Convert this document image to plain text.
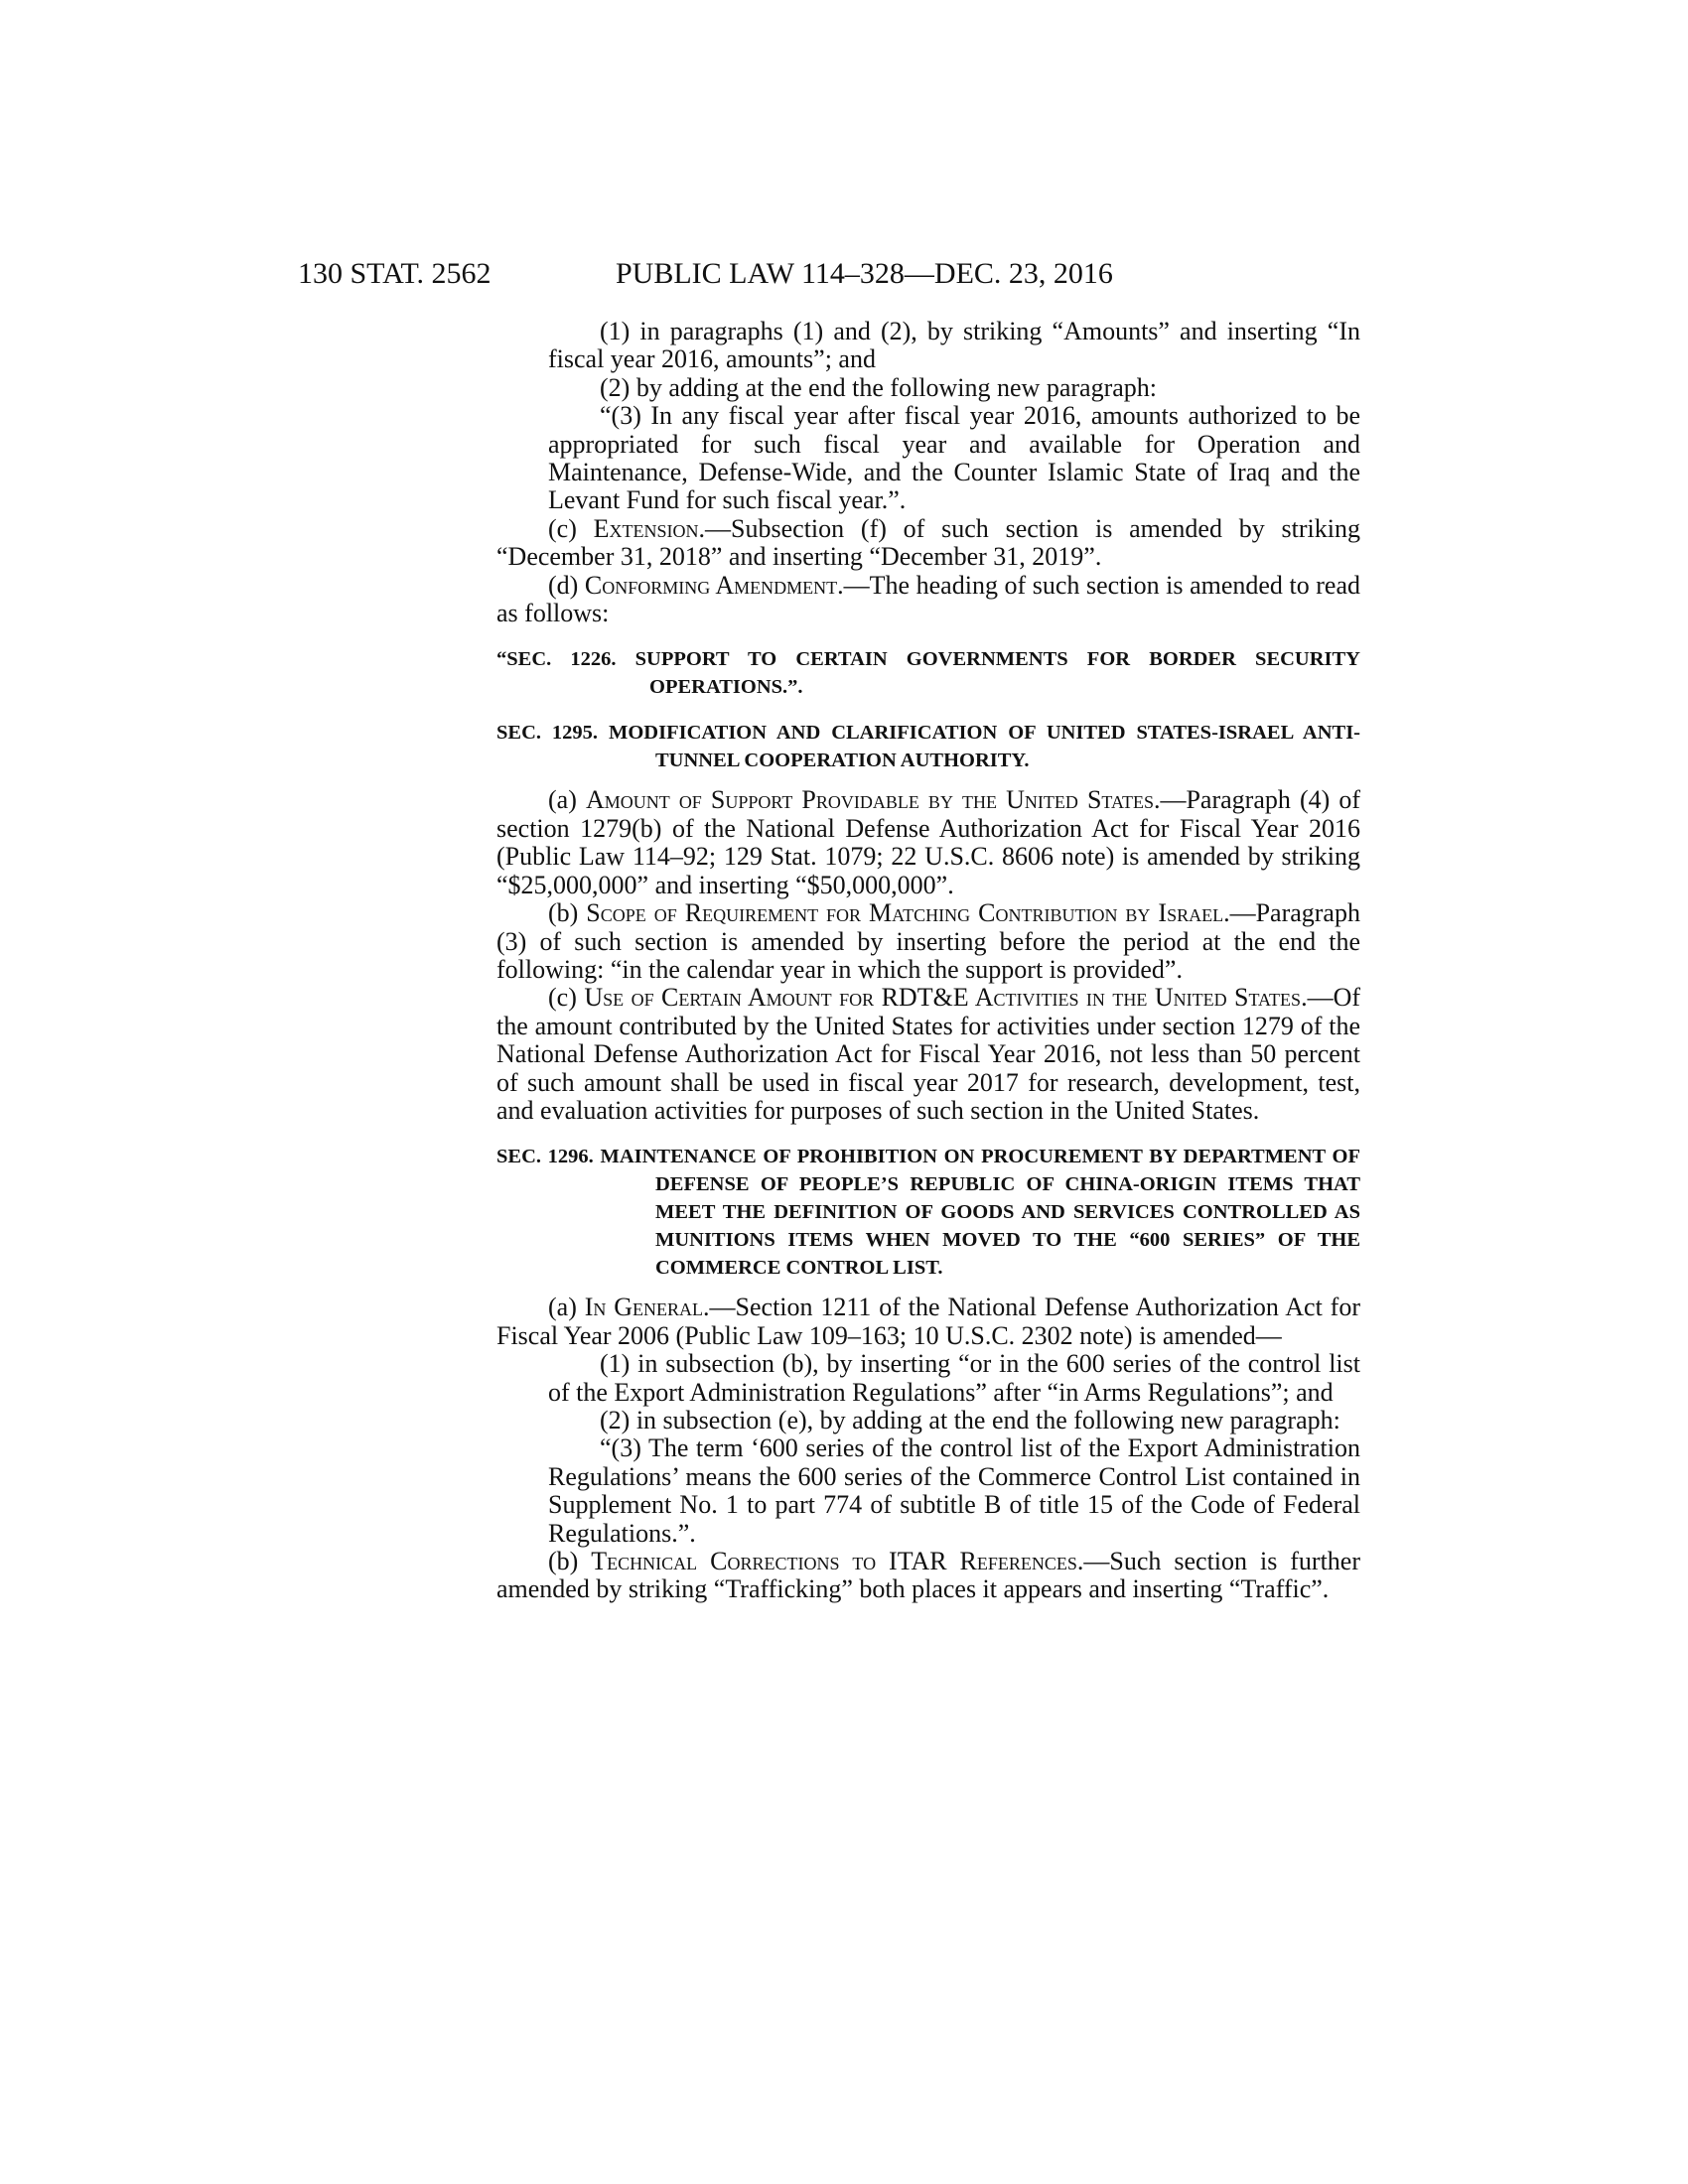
130 STAT. 2562	PUBLIC LAW 114–328—DEC. 23, 2016

(1) in paragraphs (1) and (2), by striking “Amounts” and inserting “In fiscal year 2016, amounts”; and

(2) by adding at the end the following new paragraph:

“(3) In any fiscal year after fiscal year 2016, amounts authorized to be appropriated for such fiscal year and available for Operation and Maintenance, Defense-Wide, and the Counter Islamic State of Iraq and the Levant Fund for such fiscal year.”.

(c) Extension.—Subsection (f) of such section is amended by striking “December 31, 2018” and inserting “December 31, 2019”.

(d) Conforming Amendment.—The heading of such section is amended to read as follows:

“SEC. 1226. SUPPORT TO CERTAIN GOVERNMENTS FOR BORDER SECURITY OPERATIONS.”.
SEC. 1295. MODIFICATION AND CLARIFICATION OF UNITED STATES-ISRAEL ANTI-TUNNEL COOPERATION AUTHORITY.

(a) Amount of Support Providable by the United States.—Paragraph (4) of section 1279(b) of the National Defense Authorization Act for Fiscal Year 2016 (Public Law 114–92; 129 Stat. 1079; 22 U.S.C. 8606 note) is amended by striking “$25,000,000” and inserting “$50,000,000”.

(b) Scope of Requirement for Matching Contribution by Israel.—Paragraph (3) of such section is amended by inserting before the period at the end the following: “in the calendar year in which the support is provided”.

(c) Use of Certain Amount for RDT&E Activities in the United States.—Of the amount contributed by the United States for activities under section 1279 of the National Defense Authorization Act for Fiscal Year 2016, not less than 50 percent of such amount shall be used in fiscal year 2017 for research, development, test, and evaluation activities for purposes of such section in the United States.

SEC. 1296. MAINTENANCE OF PROHIBITION ON PROCUREMENT BY DEPARTMENT OF DEFENSE OF PEOPLE’S REPUBLIC OF CHINA-ORIGIN ITEMS THAT MEET THE DEFINITION OF GOODS AND SERVICES CONTROLLED AS MUNITIONS ITEMS WHEN MOVED TO THE “600 SERIES” OF THE COMMERCE CONTROL LIST.

(a) In General.—Section 1211 of the National Defense Authorization Act for Fiscal Year 2006 (Public Law 109–163; 10 U.S.C. 2302 note) is amended—

(1) in subsection (b), by inserting “or in the 600 series of the control list of the Export Administration Regulations” after “in Arms Regulations”; and

(2) in subsection (e), by adding at the end the following new paragraph:

“(3) The term ‘600 series of the control list of the Export Administration Regulations’ means the 600 series of the Commerce Control List contained in Supplement No. 1 to part 774 of subtitle B of title 15 of the Code of Federal Regulations.”.

(b) Technical Corrections to ITAR References.—Such section is further amended by striking “Trafficking” both places it appears and inserting “Traffic”.
